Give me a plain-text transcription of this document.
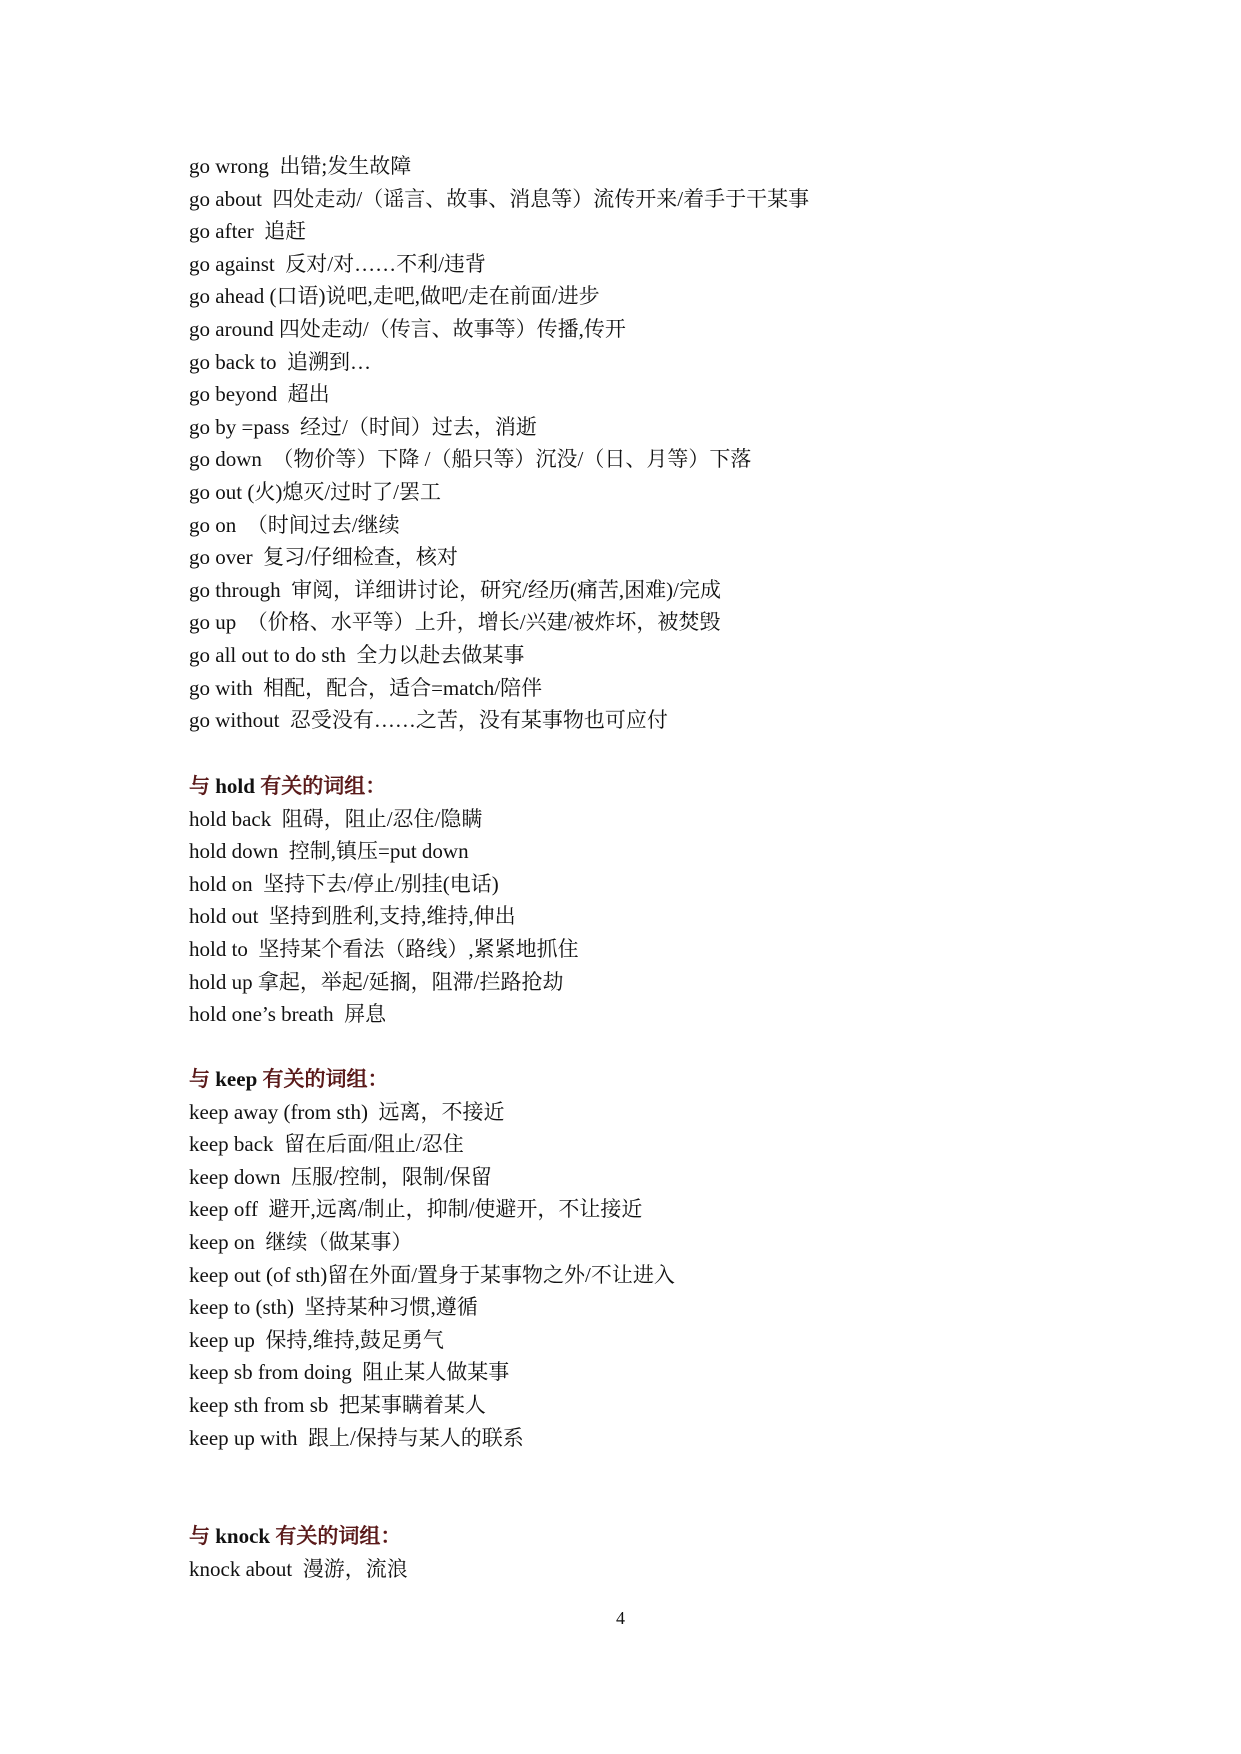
go wrong  出错;发生故障
go about  四处走动/（谣言、故事、消息等）流传开来/着手于干某事
go after  追赶
go against  反对/对……不利/违背
go ahead (口语)说吧,走吧,做吧/走在前面/进步
go around 四处走动/（传言、故事等）传播,传开
go back to  追溯到…
go beyond  超出
go by =pass  经过/（时间）过去，消逝
go down  （物价等）下降 /（船只等）沉没/（日、月等）下落
go out (火)熄灭/过时了/罢工
go on  （时间过去/继续
go over  复习/仔细检查，核对
go through  审阅，详细讲讨论，研究/经历(痛苦,困难)/完成
go up  （价格、水平等）上升，增长/兴建/被炸坏，被焚毁
go all out to do sth  全力以赴去做某事
go with  相配，配合，适合=match/陪伴
go without  忍受没有……之苦，没有某事物也可应付
与 hold 有关的词组：
hold back  阻碍，阻止/忍住/隐瞒
hold down  控制,镇压=put down
hold on  坚持下去/停止/别挂(电话)
hold out  坚持到胜利,支持,维持,伸出
hold to  坚持某个看法（路线）,紧紧地抓住
hold up 拿起，举起/延搁，阻滞/拦路抢劫
hold one’s breath  屏息
与 keep 有关的词组：
keep away (from sth)  远离，不接近
keep back  留在后面/阻止/忍住
keep down  压服/控制，限制/保留
keep off  避开,远离/制止，抑制/使避开，不让接近
keep on  继续（做某事）
keep out (of sth)留在外面/置身于某事物之外/不让进入
keep to (sth)  坚持某种习惯,遵循
keep up  保持,维持,鼓足勇气
keep sb from doing  阻止某人做某事
keep sth from sb  把某事瞒着某人
keep up with  跟上/保持与某人的联系
与 knock 有关的词组：
knock about  漫游，流浪
4
